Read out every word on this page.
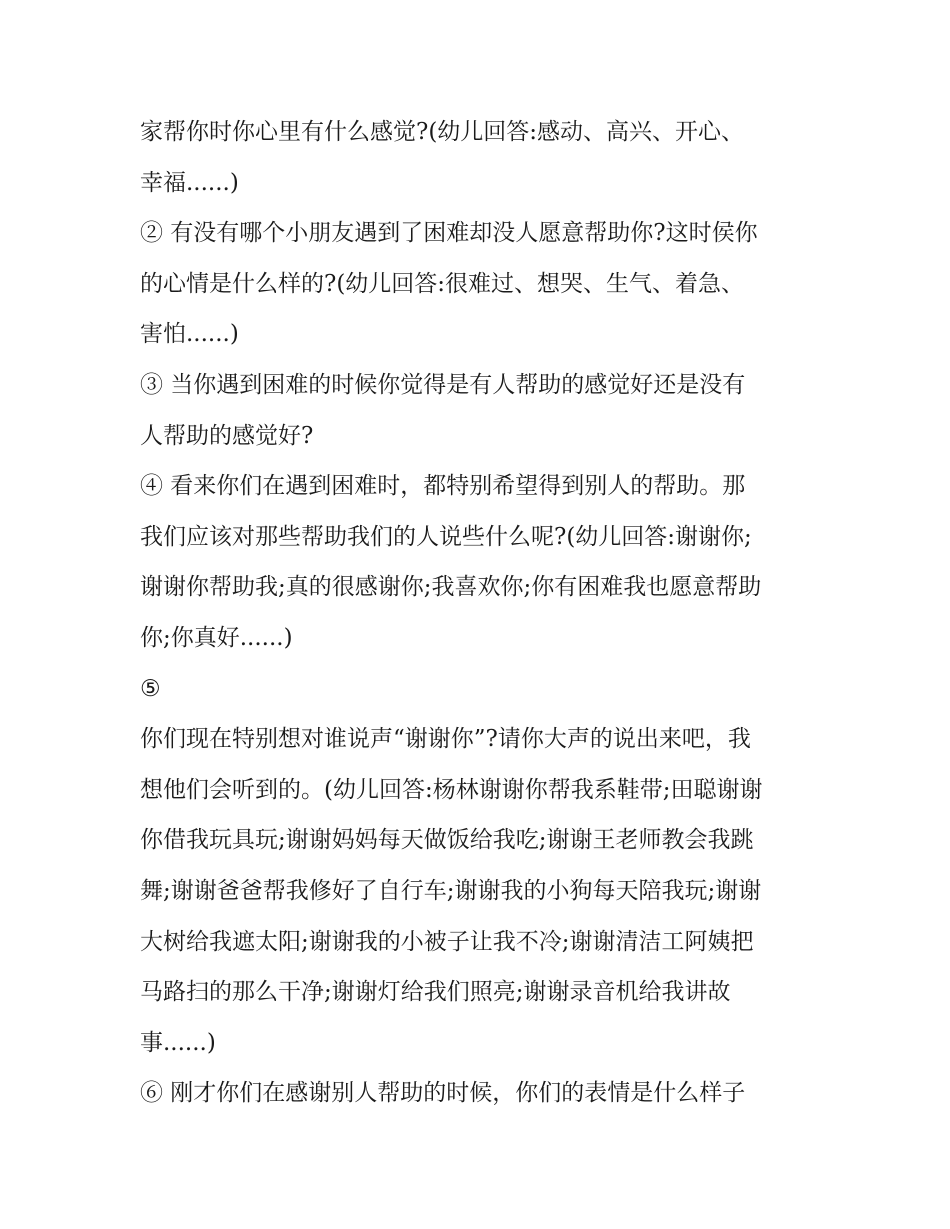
家帮你时你心里有什么感觉?(幼儿回答:感动、高兴、开心、
幸福......)
② 有没有哪个小朋友遇到了困难却没人愿意帮助你?这时侯你
的心情是什么样的?(幼儿回答:很难过、想哭、生气、着急、
害怕......)
③ 当你遇到困难的时候你觉得是有人帮助的感觉好还是没有
人帮助的感觉好?
④ 看来你们在遇到困难时，都特别希望得到别人的帮助。那
我们应该对那些帮助我们的人说些什么呢?(幼儿回答:谢谢你;
谢谢你帮助我;真的很感谢你;我喜欢你;你有困难我也愿意帮助
你;你真好......)
⑤
你们现在特别想对谁说声“谢谢你”?请你大声的说出来吧，我
想他们会听到的。(幼儿回答:杨林谢谢你帮我系鞋带;田聪谢谢
你借我玩具玩;谢谢妈妈每天做饭给我吃;谢谢王老师教会我跳
舞;谢谢爸爸帮我修好了自行车;谢谢我的小狗每天陪我玩;谢谢
大树给我遮太阳;谢谢我的小被子让我不冷;谢谢清洁工阿姨把
马路扫的那么干净;谢谢灯给我们照亮;谢谢录音机给我讲故
事......)
⑥ 刚才你们在感谢别人帮助的时候，你们的表情是什么样子
